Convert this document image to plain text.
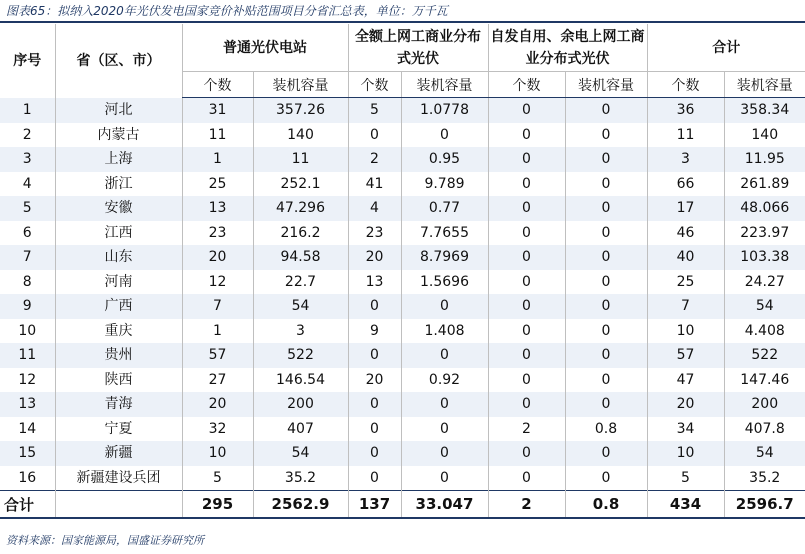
图表65：拟纳入2020年光伏发电国家竞价补贴范围项目分省汇总表，单位：万千瓦
序号	省（区、市）	普通光伏电站		全额上网工商业分布式光伏		自发自用、余电上网工商业分布式光伏		合计	
		个数	装机容量	个数	装机容量	个数	装机容量	个数	装机容量
1	河北	31	357.26	5	1.0778	0	0	36	358.34
2	内蒙古	11	140	0	0	0	0	11	140
3	上海	1	11	2	0.95	0	0	3	11.95
4	浙江	25	252.1	41	9.789	0	0	66	261.89
5	安徽	13	47.296	4	0.77	0	0	17	48.066
6	江西	23	216.2	23	7.7655	0	0	46	223.97
7	山东	20	94.58	20	8.7969	0	0	40	103.38
8	河南	12	22.7	13	1.5696	0	0	25	24.27
9	广西	7	54	0	0	0	0	7	54
10	重庆	1	3	9	1.408	0	0	10	4.408
11	贵州	57	522	0	0	0	0	57	522
12	陕西	27	146.54	20	0.92	0	0	47	147.46
13	青海	20	200	0	0	0	0	20	200
14	宁夏	32	407	0	0	2	0.8	34	407.8
15	新疆	10	54	0	0	0	0	10	54
16	新疆建设兵团	5	35.2	0	0	0	0	5	35.2
合计		295	2562.9	137	33.047	2	0.8	434	2596.7
资料来源：国家能源局，国盛证券研究所
